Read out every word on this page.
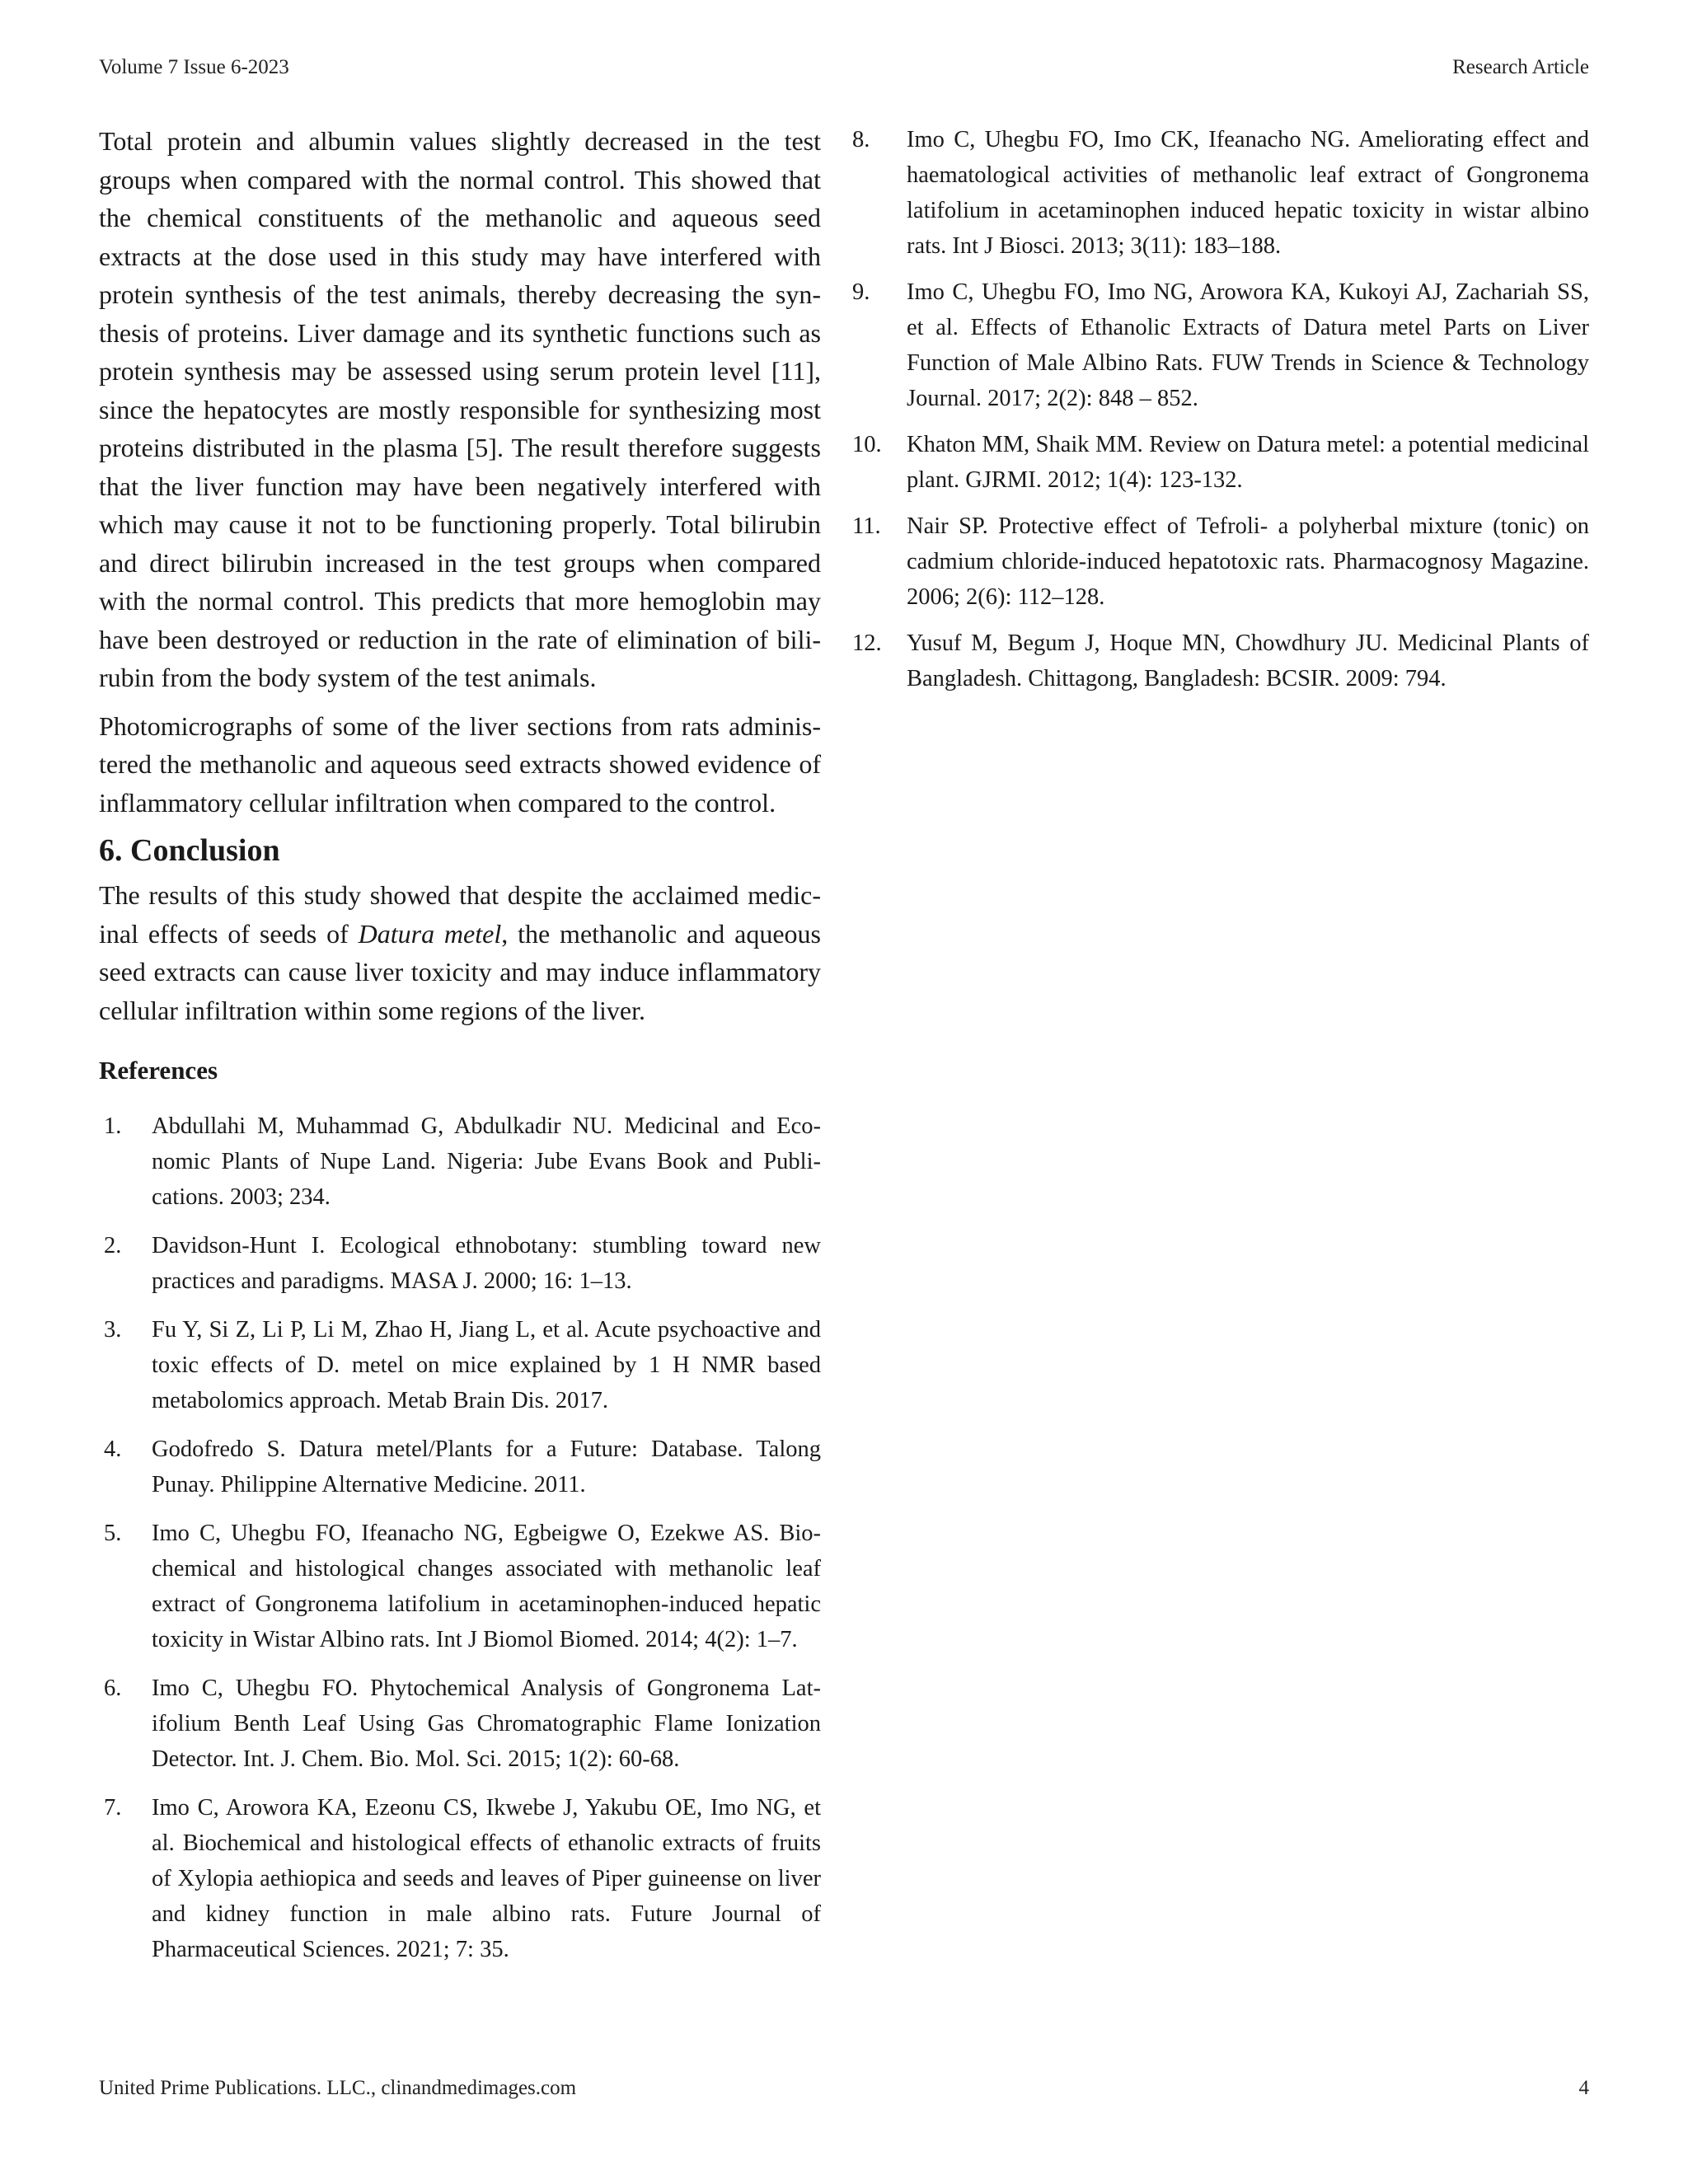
Volume 7 Issue 6-2023	Research Article

Total protein and albumin values slightly decreased in the test groups when compared with the normal control. This showed that the chemical constituents of the methanolic and aqueous seed extracts at the dose used in this study may have interfered with protein synthesis of the test animals, thereby decreasing the synthesis of proteins. Liver damage and its synthetic functions such as protein synthesis may be assessed using serum protein level [11], since the hepatocytes are mostly responsible for synthesizing most proteins distributed in the plasma [5]. The result therefore suggests that the liver function may have been negatively interfered with which may cause it not to be functioning properly. Total bilirubin and direct bilirubin increased in the test groups when compared with the normal control. This predicts that more hemoglobin may have been destroyed or reduction in the rate of elimination of bilirubin from the body system of the test animals.

Photomicrographs of some of the liver sections from rats administered the methanolic and aqueous seed extracts showed evidence of inflammatory cellular infiltration when compared to the control.

6. Conclusion

The results of this study showed that despite the acclaimed medicinal effects of seeds of Datura metel, the methanolic and aqueous seed extracts can cause liver toxicity and may induce inflammatory cellular infiltration within some regions of the liver.

References
1.	Abdullahi M, Muhammad G, Abdulkadir NU. Medicinal and Economic Plants of Nupe Land. Nigeria: Jube Evans Book and Publications. 2003; 234.
2.	Davidson-Hunt I. Ecological ethnobotany: stumbling toward new practices and paradigms. MASA J. 2000; 16: 1–13.
3.	Fu Y, Si Z, Li P, Li M, Zhao H, Jiang L, et al. Acute psychoactive and toxic effects of D. metel on mice explained by 1 H NMR based metabolomics approach. Metab Brain Dis. 2017.
4.	Godofredo S. Datura metel/Plants for a Future: Database. Talong Punay. Philippine Alternative Medicine. 2011.
5.	Imo C, Uhegbu FO, Ifeanacho NG, Egbeigwe O, Ezekwe AS. Biochemical and histological changes associated with methanolic leaf extract of Gongronema latifolium in acetaminophen-induced hepatic toxicity in Wistar Albino rats. Int J Biomol Biomed. 2014; 4(2): 1–7.
6.	Imo C, Uhegbu FO. Phytochemical Analysis of Gongronema Latifolium Benth Leaf Using Gas Chromatographic Flame Ionization Detector. Int. J. Chem. Bio. Mol. Sci. 2015; 1(2): 60-68.
7.	Imo C, Arowora KA, Ezeonu CS, Ikwebe J, Yakubu OE, Imo NG, et al. Biochemical and histological effects of ethanolic extracts of fruits of Xylopia aethiopica and seeds and leaves of Piper guineense on liver and kidney function in male albino rats. Future Journal of Pharmaceutical Sciences. 2021; 7: 35.
8.	Imo C, Uhegbu FO, Imo CK, Ifeanacho NG. Ameliorating effect and haematological activities of methanolic leaf extract of Gongronema latifolium in acetaminophen induced hepatic toxicity in wistar albino rats. Int J Biosci. 2013; 3(11): 183–188.
9.	Imo C, Uhegbu FO, Imo NG, Arowora KA, Kukoyi AJ, Zachariah SS, et al. Effects of Ethanolic Extracts of Datura metel Parts on Liver Function of Male Albino Rats. FUW Trends in Science & Technology Journal. 2017; 2(2): 848 – 852.
10.	Khaton MM, Shaik MM. Review on Datura metel: a potential medicinal plant. GJRMI. 2012; 1(4): 123-132.
11.	Nair SP. Protective effect of Tefroli- a polyherbal mixture (tonic) on cadmium chloride-induced hepatotoxic rats. Pharmacognosy Magazine. 2006; 2(6): 112–128.
12.	Yusuf M, Begum J, Hoque MN, Chowdhury JU. Medicinal Plants of Bangladesh. Chittagong, Bangladesh: BCSIR. 2009: 794.
United Prime Publications. LLC., clinandmedimages.com	4
